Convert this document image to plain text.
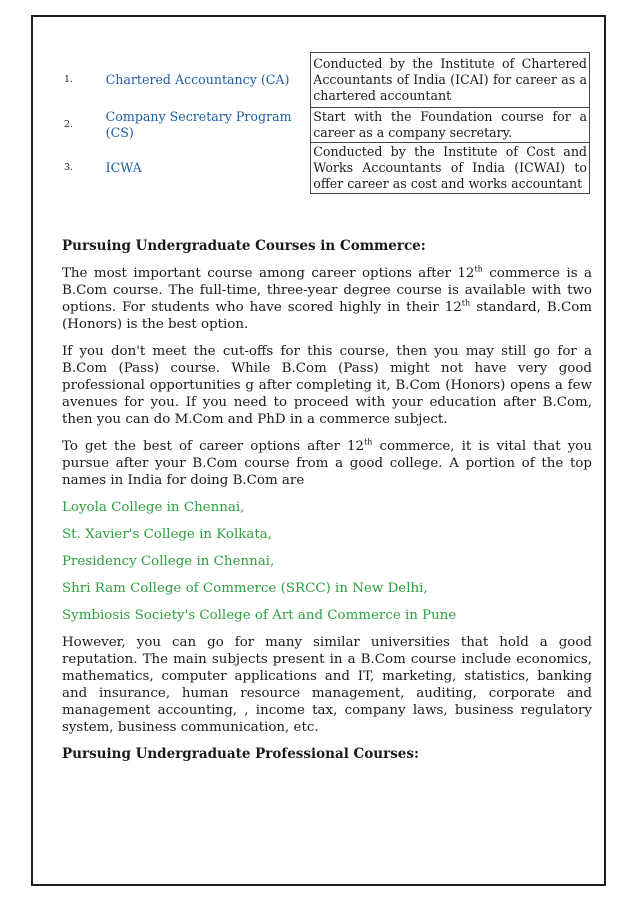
1.	Chartered Accountancy (CA)	Conducted by the Institute of Chartered Accountants of India (ICAI) for career as a chartered accountant
2.	Company Secretary Program (CS)	Start with the Foundation course for a career as a company secretary.
3.	ICWA	Conducted by the Institute of Cost and Works Accountants of India (ICWAI) to offer career as cost and works accountant
Pursuing Undergraduate Courses in Commerce:

The most important course among career options after 12th commerce is a B.Com course. The full-time, three-year degree course is available with two options. For students who have scored highly in their 12th standard, B.Com (Honors) is the best option.

If you don't meet the cut-offs for this course, then you may still go for a B.Com (Pass) course. While B.Com (Pass) might not have very good professional opportunities g after completing it, B.Com (Honors) opens a few avenues for you. If you need to proceed with your education after B.Com, then you can do M.Com and PhD in a commerce subject.

To get the best of career options after 12th commerce, it is vital that you pursue after your B.Com course from a good college. A portion of the top names in India for doing B.Com are

Loyola College in Chennai,
St. Xavier's College in Kolkata,
Presidency College in Chennai,
Shri Ram College of Commerce (SRCC) in New Delhi,
Symbiosis Society's College of Art and Commerce in Pune

However, you can go for many similar universities that hold a good reputation. The main subjects present in a B.Com course include economics, mathematics, computer applications and IT, marketing, statistics, banking and insurance, human resource management, auditing, corporate and management accounting, , income tax, company laws, business regulatory system, business communication, etc.

Pursuing Undergraduate Professional Courses:
